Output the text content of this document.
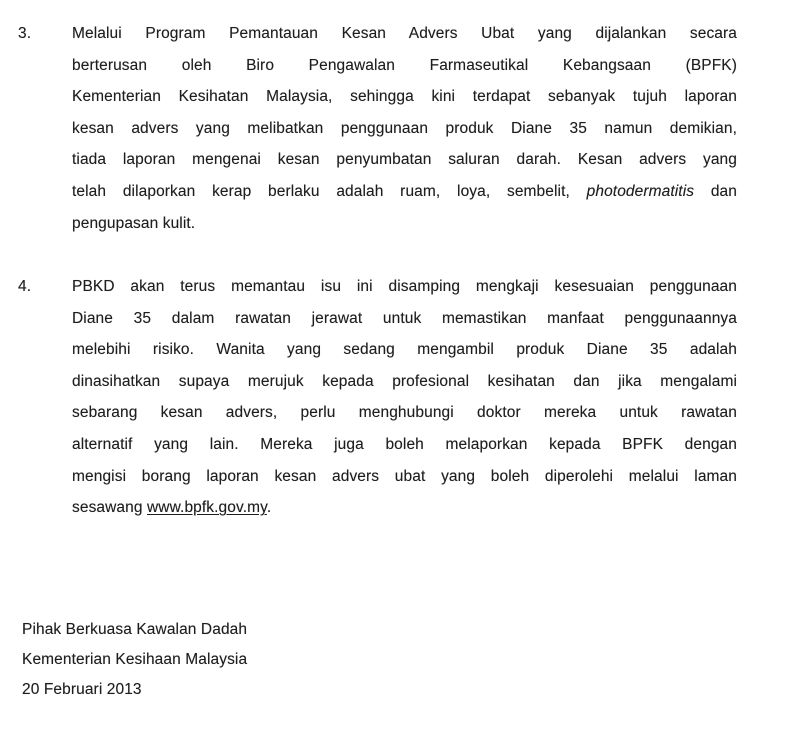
3.	Melalui Program Pemantauan Kesan Advers Ubat yang dijalankan secara
berterusan oleh Biro Pengawalan Farmaseutikal Kebangsaan (BPFK)
Kementerian Kesihatan Malaysia, sehingga kini terdapat sebanyak tujuh laporan
kesan advers yang melibatkan penggunaan produk Diane 35 namun demikian,
tiada laporan mengenai kesan penyumbatan saluran darah. Kesan advers yang
telah dilaporkan kerap berlaku adalah ruam, loya, sembelit, photodermatitis dan
pengupasan kulit.
4.	PBKD akan terus memantau isu ini disamping mengkaji kesesuaian penggunaan
Diane 35 dalam rawatan jerawat untuk memastikan manfaat penggunaannya
melebihi risiko. Wanita yang sedang mengambil produk Diane 35 adalah
dinasihatkan supaya merujuk kepada profesional kesihatan dan jika mengalami
sebarang kesan advers, perlu menghubungi doktor mereka untuk rawatan
alternatif yang lain. Mereka juga boleh melaporkan kepada BPFK dengan
mengisi borang laporan kesan advers ubat yang boleh diperolehi melalui laman
sesawang www.bpfk.gov.my.
Pihak Berkuasa Kawalan Dadah
Kementerian Kesihaan Malaysia
20 Februari 2013
